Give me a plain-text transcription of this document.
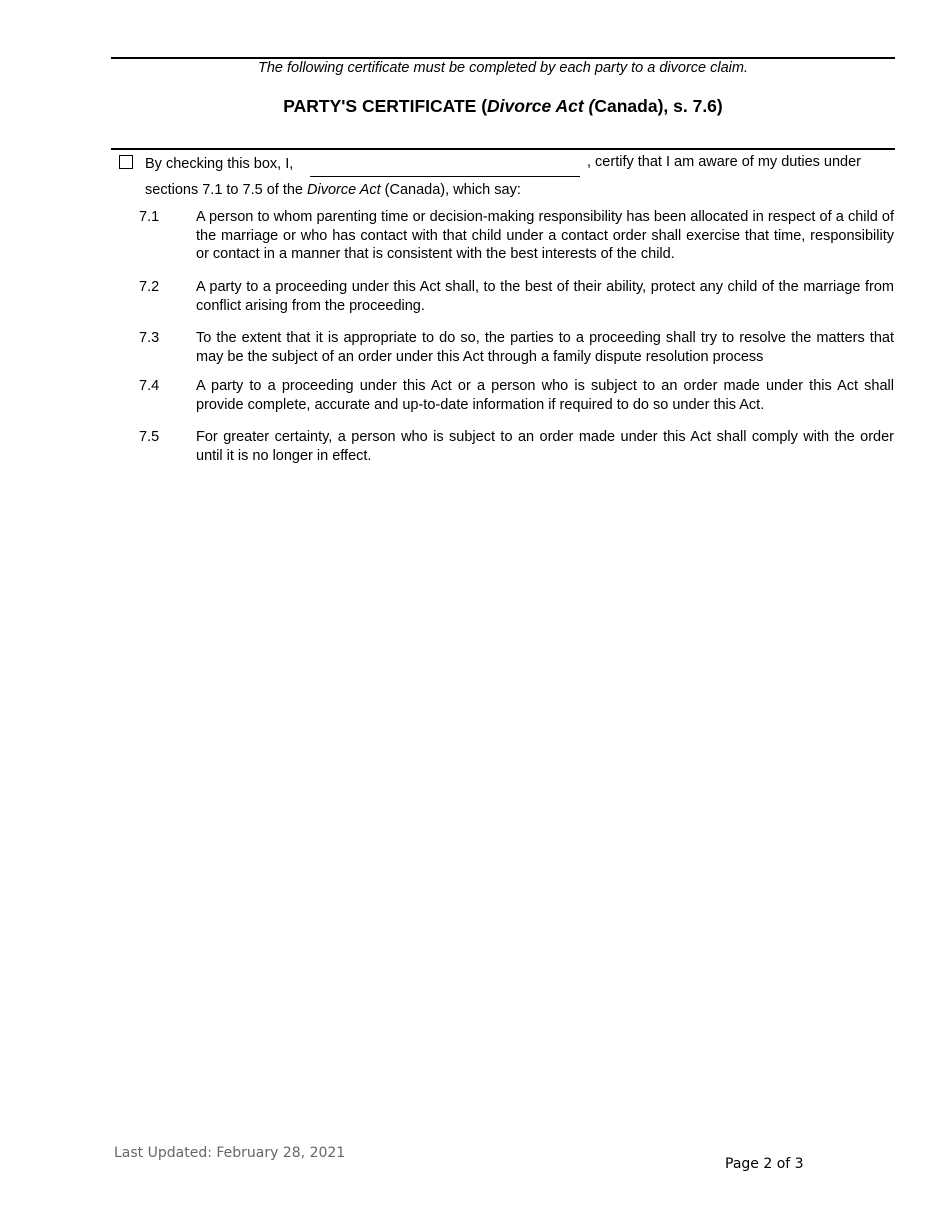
The following certificate must be completed by each party to a divorce claim.
PARTY'S CERTIFICATE (Divorce Act (Canada), s. 7.6)
By checking this box, I,	, certify that I am aware of my duties under
sections 7.1 to 7.5 of the Divorce Act (Canada), which say:
7.1	A person to whom parenting time or decision-making responsibility has been allocated in respect of a child of the marriage or who has contact with that child under a contact order shall exercise that time, responsibility or contact in a manner that is consistent with the best interests of the child.
7.2	A party to a proceeding under this Act shall, to the best of their ability, protect any child of the marriage from conflict arising from the proceeding.
7.3	To the extent that it is appropriate to do so, the parties to a proceeding shall try to resolve the matters that may be the subject of an order under this Act through a family dispute resolution process
7.4	A party to a proceeding under this Act or a person who is subject to an order made under this Act shall provide complete, accurate and up-to-date information if required to do so under this Act.
7.5	For greater certainty, a person who is subject to an order made under this Act shall comply with the order until it is no longer in effect.
Last Updated: February 28, 2021
Page 2 of 3
